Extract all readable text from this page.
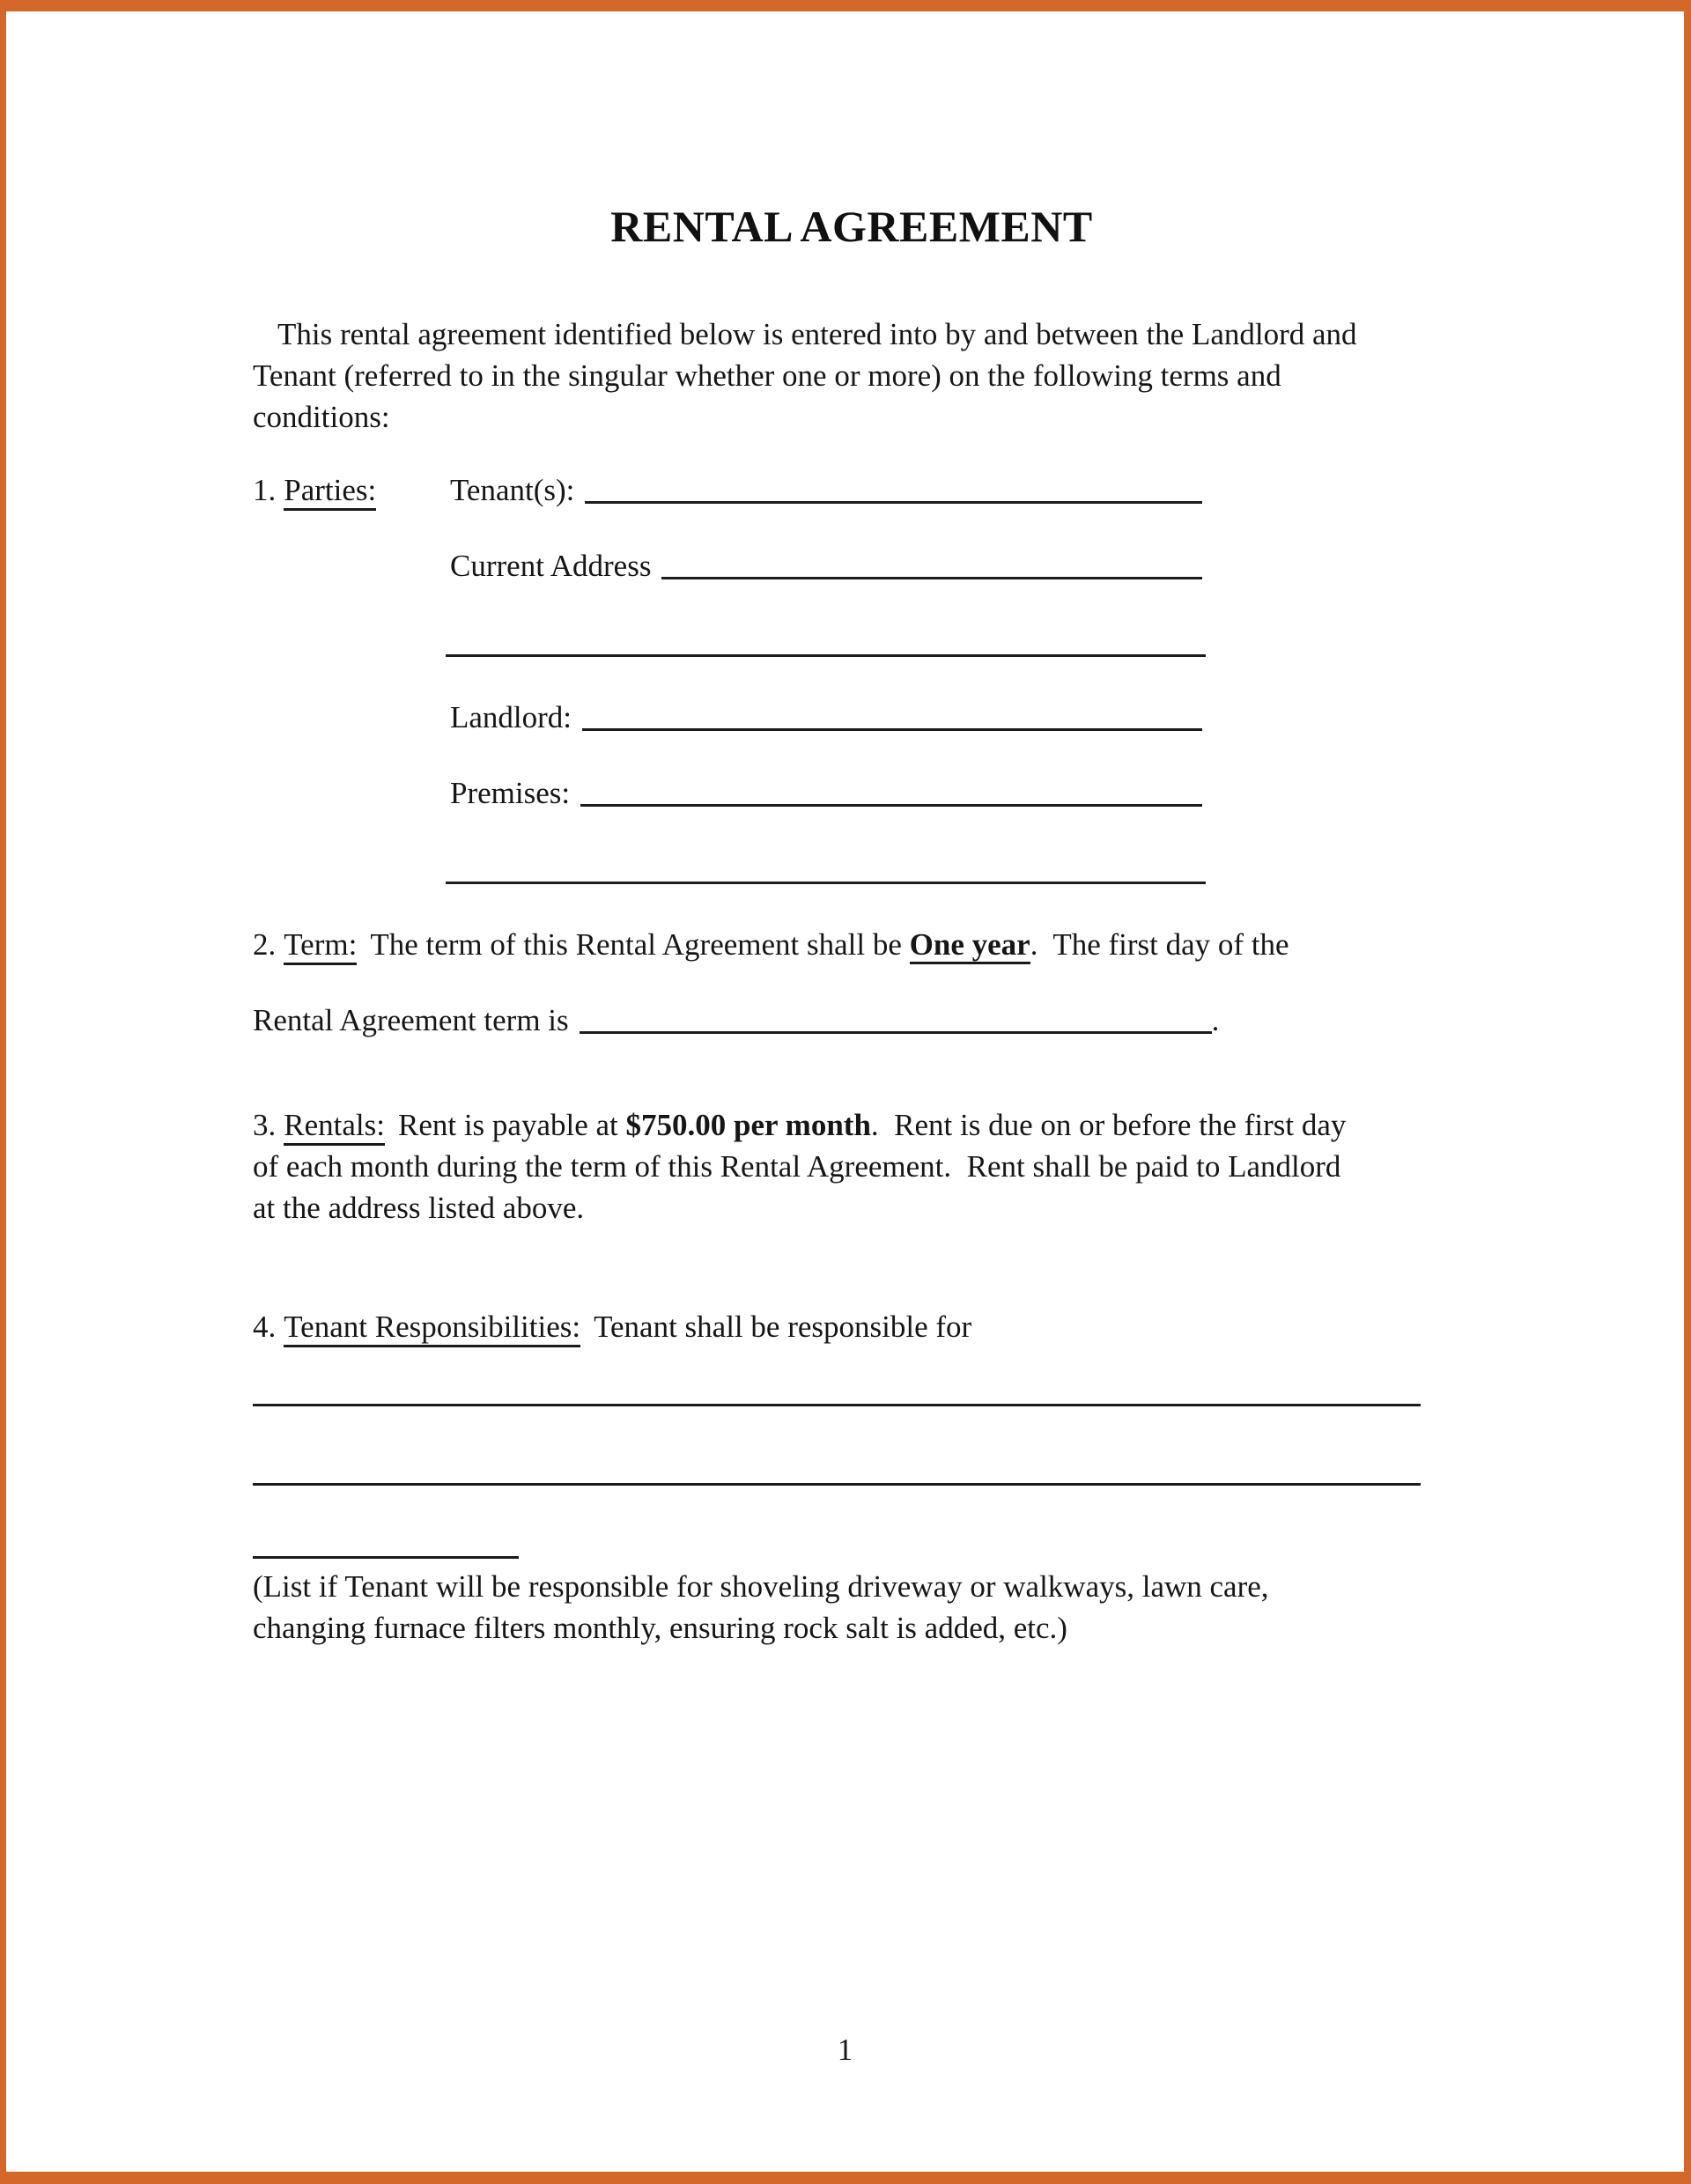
RENTAL AGREEMENT
This rental agreement identified below is entered into by and between the Landlord and
Tenant (referred to in the singular whether one or more) on the following terms and
conditions:
1. Parties:	Tenant(s):
Current Address
Landlord:
Premises:
2. Term: The term of this Rental Agreement shall be One year.  The first day of the
Rental Agreement term is	.
3. Rentals: Rent is payable at $750.00 per month.  Rent is due on or before the first day
of each month during the term of this Rental Agreement.  Rent shall be paid to Landlord
at the address listed above.
4. Tenant Responsibilities: Tenant shall be responsible for
(List if Tenant will be responsible for shoveling driveway or walkways, lawn care,
changing furnace filters monthly, ensuring rock salt is added, etc.)
1
